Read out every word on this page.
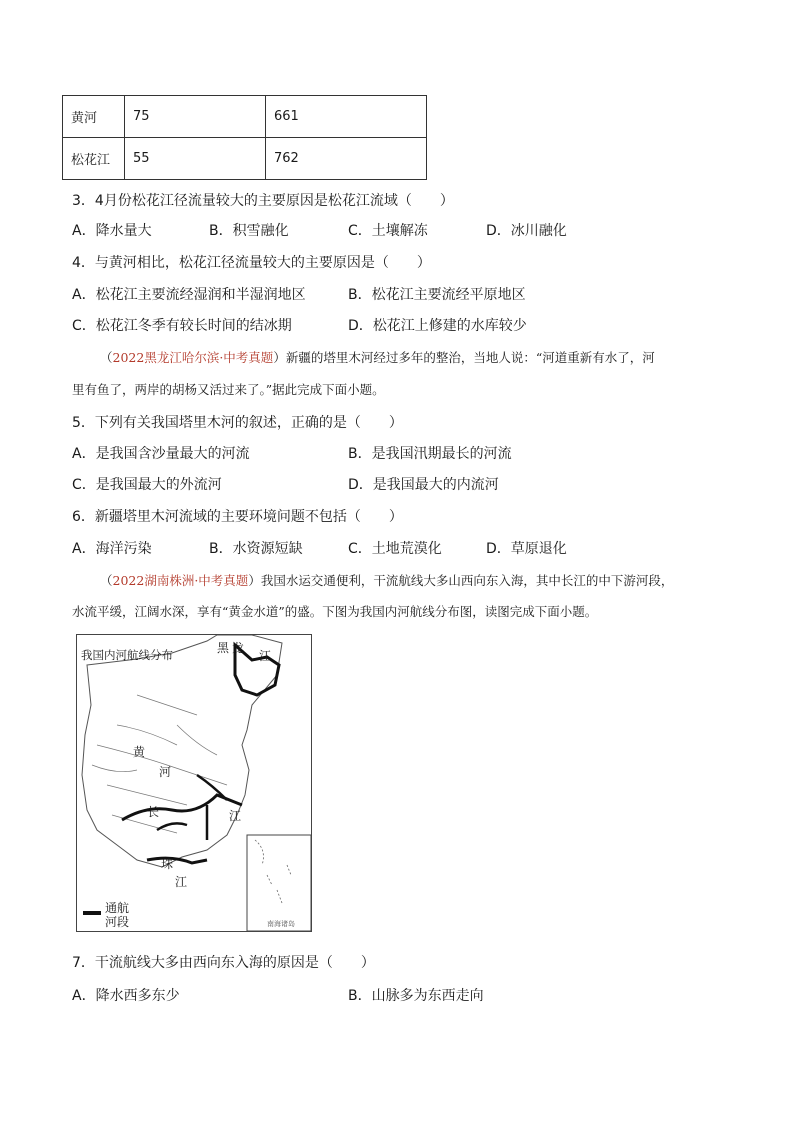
黄河	75	661
松花江	55	762
3．4月份松花江径流量较大的主要原因是松花江流域（　　）
A．降水量大	B．积雪融化	C．土壤解冻	D．冰川融化
4．与黄河相比，松花江径流量较大的主要原因是（　　）
A．松花江主要流经湿润和半湿润地区	B．松花江主要流经平原地区
C．松花江冬季有较长时间的结冰期	D．松花江上修建的水库较少
（2022黑龙江哈尔滨·中考真题）新疆的塔里木河经过多年的整治，当地人说：“河道重新有水了，河
里有鱼了，两岸的胡杨又活过来了。”据此完成下面小题。
5．下列有关我国塔里木河的叙述，正确的是（　　）
A．是我国含沙量最大的河流	B．是我国汛期最长的河流
C．是我国最大的外流河	D．是我国最大的内流河
6．新疆塔里木河流域的主要环境问题不包括（　　）
A．海洋污染	B．水资源短缺	C．土地荒漠化	D．草原退化
（2022湖南株洲·中考真题）我国水运交通便利，干流航线大多山西向东入海，其中长江的中下游河段，
水流平缓，江阔水深，享有“黄金水道”的盛。下图为我国内河航线分布图，读图完成下面小题。
我国内河航线分布	黑 龙
江
黄
河
长	江
珠
江
通航
河段	南海诸岛
7．干流航线大多由西向东入海的原因是（　　）
A．降水西多东少	B．山脉多为东西走向
